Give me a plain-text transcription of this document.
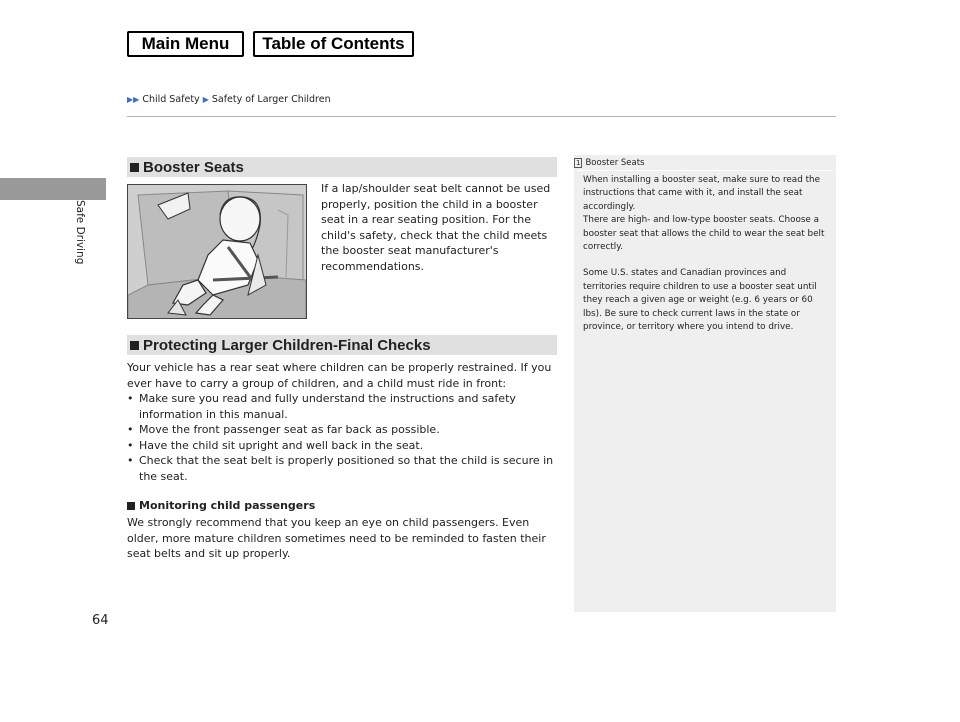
Main Menu	Table of Contents
▶▶ Child Safety ▶ Safety of Larger Children
Safe Driving
64
Booster Seats
If a lap/shoulder seat belt cannot be used properly, position the child in a booster seat in a rear seating position. For the child's safety, check that the child meets the booster seat manufacturer's recommendations.
Protecting Larger Children-Final Checks
Your vehicle has a rear seat where children can be properly restrained. If you ever have to carry a group of children, and a child must ride in front:
• Make sure you read and fully understand the instructions and safety information in this manual.
• Move the front passenger seat as far back as possible.
• Have the child sit upright and well back in the seat.
• Check that the seat belt is properly positioned so that the child is secure in the seat.
Monitoring child passengers
We strongly recommend that you keep an eye on child passengers. Even older, more mature children sometimes need to be reminded to fasten their seat belts and sit up properly.
1 Booster Seats

When installing a booster seat, make sure to read the instructions that came with it, and install the seat accordingly.

There are high- and low-type booster seats. Choose a booster seat that allows the child to wear the seat belt correctly.

Some U.S. states and Canadian provinces and territories require children to use a booster seat until they reach a given age or weight (e.g. 6 years or 60 lbs). Be sure to check current laws in the state or province, or territory where you intend to drive.
